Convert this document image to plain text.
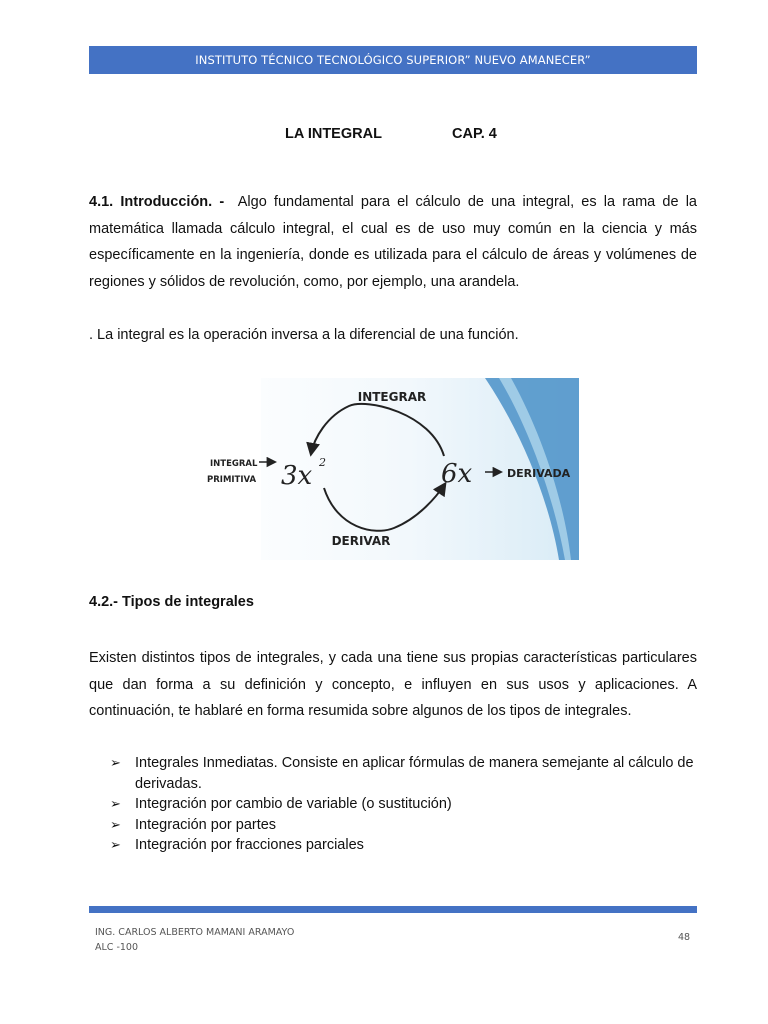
INSTITUTO TÉCNICO TECNOLÓGICO SUPERIOR” NUEVO AMANECER”
LA INTEGRAL	CAP. 4

4.1. Introducción. - Algo fundamental para el cálculo de una integral, es la rama de la matemática llamada cálculo integral, el cual es de uso muy común en la ciencia y más específicamente en la ingeniería, donde es utilizada para el cálculo de áreas y volúmenes de regiones y sólidos de revolución, como, por ejemplo, una arandela.

. La integral es la operación inversa a la diferencial de una función.

INTEGRAR
DERIVAR
INTEGRAL
PRIMITIVA 3x 2	6x	DERIVADA
4.2.- Tipos de integrales

Existen distintos tipos de integrales, y cada una tiene sus propias características particulares que dan forma a su definición y concepto, e influyen en sus usos y aplicaciones. A continuación, te hablaré en forma resumida sobre algunos de los tipos de integrales.

➢ Integrales Inmediatas. Consiste en aplicar fórmulas de manera semejante al cálculo de derivadas.
➢ Integración por cambio de variable (o sustitución)
➢ Integración por partes
➢ Integración por fracciones parciales
ING. CARLOS ALBERTO MAMANI ARAMAYO
ALC -100
48
